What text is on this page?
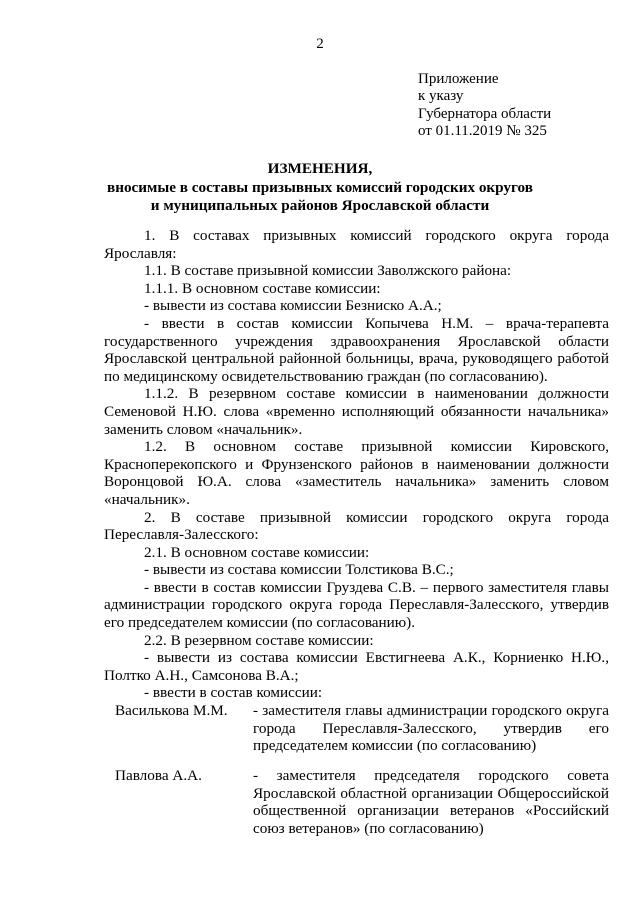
2
Приложение
к указу
Губернатора области
от 01.11.2019 № 325
ИЗМЕНЕНИЯ,
вносимые в составы призывных комиссий городских округов
и муниципальных районов Ярославской области

1. В составах призывных комиссий городского округа города Ярославля:

1.1. В составе призывной комиссии Заволжского района:

1.1.1. В основном составе комиссии:

- вывести из состава комиссии Безниско А.А.;

- ввести в состав комиссии Копычева Н.М. – врача-терапевта государственного учреждения здравоохранения Ярославской области Ярославской центральной районной больницы, врача, руководящего работой по медицинскому освидетельствованию граждан (по согласованию).

1.1.2. В резервном составе комиссии в наименовании должности Семеновой Н.Ю. слова «временно исполняющий обязанности начальника» заменить словом «начальник».

1.2. В основном составе призывной комиссии Кировского, Красноперекопского и Фрунзенского районов в наименовании должности Воронцовой Ю.А. слова «заместитель начальника» заменить словом «начальник».

2. В составе призывной комиссии городского округа города Переславля-Залесского:

2.1. В основном составе комиссии:

- вывести из состава комиссии Толстикова В.С.;

- ввести в состав комиссии Груздева С.В. – первого заместителя главы администрации городского округа города Переславля-Залесского, утвердив его председателем комиссии (по согласованию).

2.2. В резервном составе комиссии:

- вывести из состава комиссии Евстигнеева А.К., Корниенко Н.Ю., Полтко А.Н., Самсонова В.А.;

- ввести в состав комиссии:

Василькова М.М. - заместителя главы администрации городского округа города Переславля-Залесского, утвердив его председателем комиссии (по согласованию)
Павлова А.А.	- заместителя председателя городского совета Ярославской областной организации Общероссийской общественной организации ветеранов «Российский союз ветеранов» (по согласованию)
